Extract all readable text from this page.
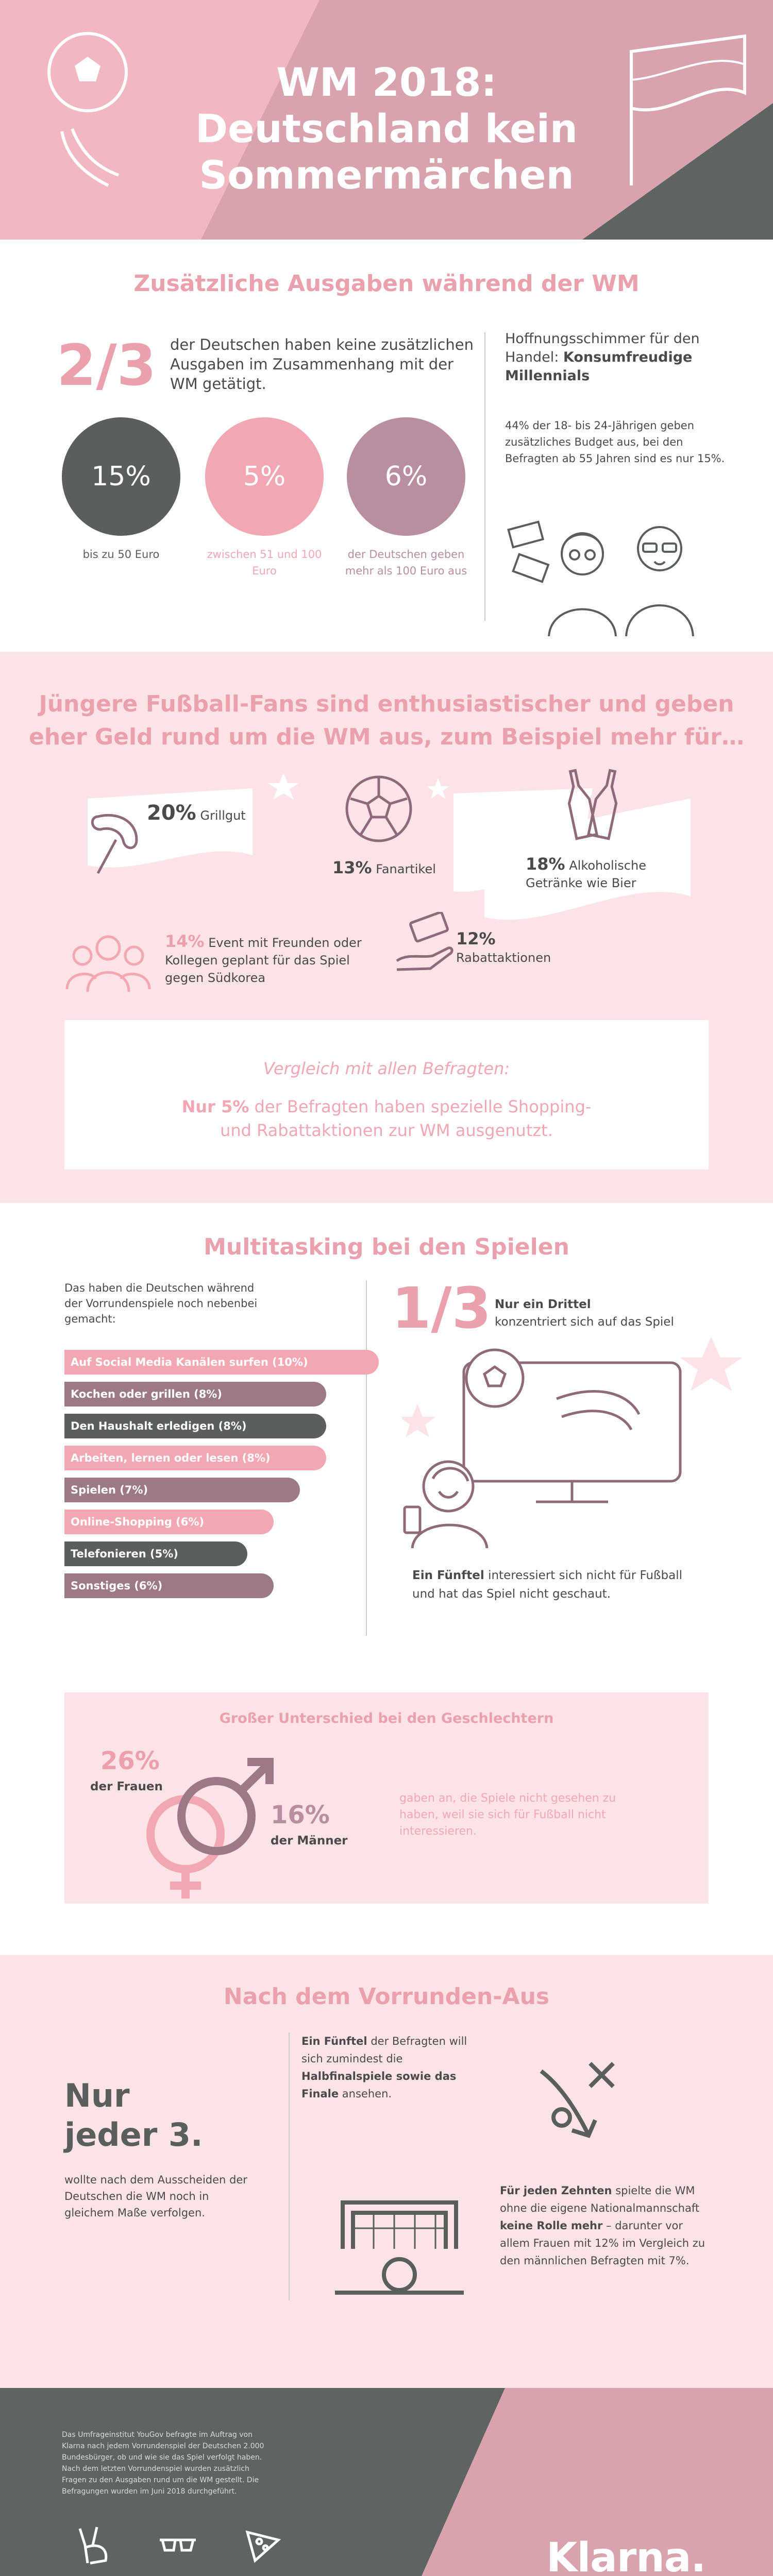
WM 2018:
Deutschland kein
Sommermärchen
Zusätzliche Ausgaben während der WM
2/3 der Deutschen haben keine zusätzlichen Ausgaben im Zusammenhang mit der WM getätigt.
15%
bis zu 50 Euro
5%
zwischen 51 und 100 Euro
6%
der Deutschen geben mehr als 100 Euro aus
Hoffnungsschimmer für den Handel: Konsumfreudige Millennials
44% der 18- bis 24-Jährigen geben zusätzliches Budget aus, bei den Befragten ab 55 Jahren sind es nur 15%.
Jüngere Fußball-Fans sind enthusiastischer und geben
eher Geld rund um die WM aus, zum Beispiel mehr für…
20% Grillgut
13% Fanartikel	18% Alkoholische Getränke wie Bier
14% Event mit Freunden oder Kollegen geplant für das Spiel gegen Südkorea
12%
Rabattaktionen
Vergleich mit allen Befragten:
Nur 5% der Befragten haben spezielle Shopping-
und Rabattaktionen zur WM ausgenutzt.
Multitasking bei den Spielen
Das haben die Deutschen während der Vorrundenspiele noch nebenbei gemacht:	1/3 Nur ein Drittel
konzentriert sich auf das Spiel
Ein Fünftel interessiert sich nicht für Fußball und hat das Spiel nicht geschaut.
Großer Unterschied bei den Geschlechtern
26%
der Frauen
16%
der Männer
gaben an, die Spiele nicht gesehen zu haben, weil sie sich für Fußball nicht interessieren.
Auf Social Media Kanälen surfen (10%)
Kochen oder grillen (8%)
Den Haushalt erledigen (8%)
Arbeiten, lernen oder lesen (8%)
Spielen (7%)
Online-Shopping (6%)
Telefonieren (5%)
Sonstiges (6%)
Nach dem Vorrunden-Aus
Nur
jeder 3.
wollte nach dem Ausscheiden der Deutschen die WM noch in gleichem Maße verfolgen.
Ein Fünftel der Befragten will sich zumindest die Halbfinalspiele sowie das Finale ansehen.
Für jeden Zehnten spielte die WM ohne die eigene Nationalmannschaft keine Rolle mehr – darunter vor allem Frauen mit 12% im Vergleich zu den männlichen Befragten mit 7%.
Das Umfrageinstitut YouGov befragte im Auftrag von Klarna nach jedem Vorrundenspiel der Deutschen 2.000 Bundesbürger, ob und wie sie das Spiel verfolgt haben. Nach dem letzten Vorrundenspiel wurden zusätzlich Fragen zu den Ausgaben rund um die WM gestellt. Die Befragungen wurden im Juni 2018 durchgeführt.
Klarna.
